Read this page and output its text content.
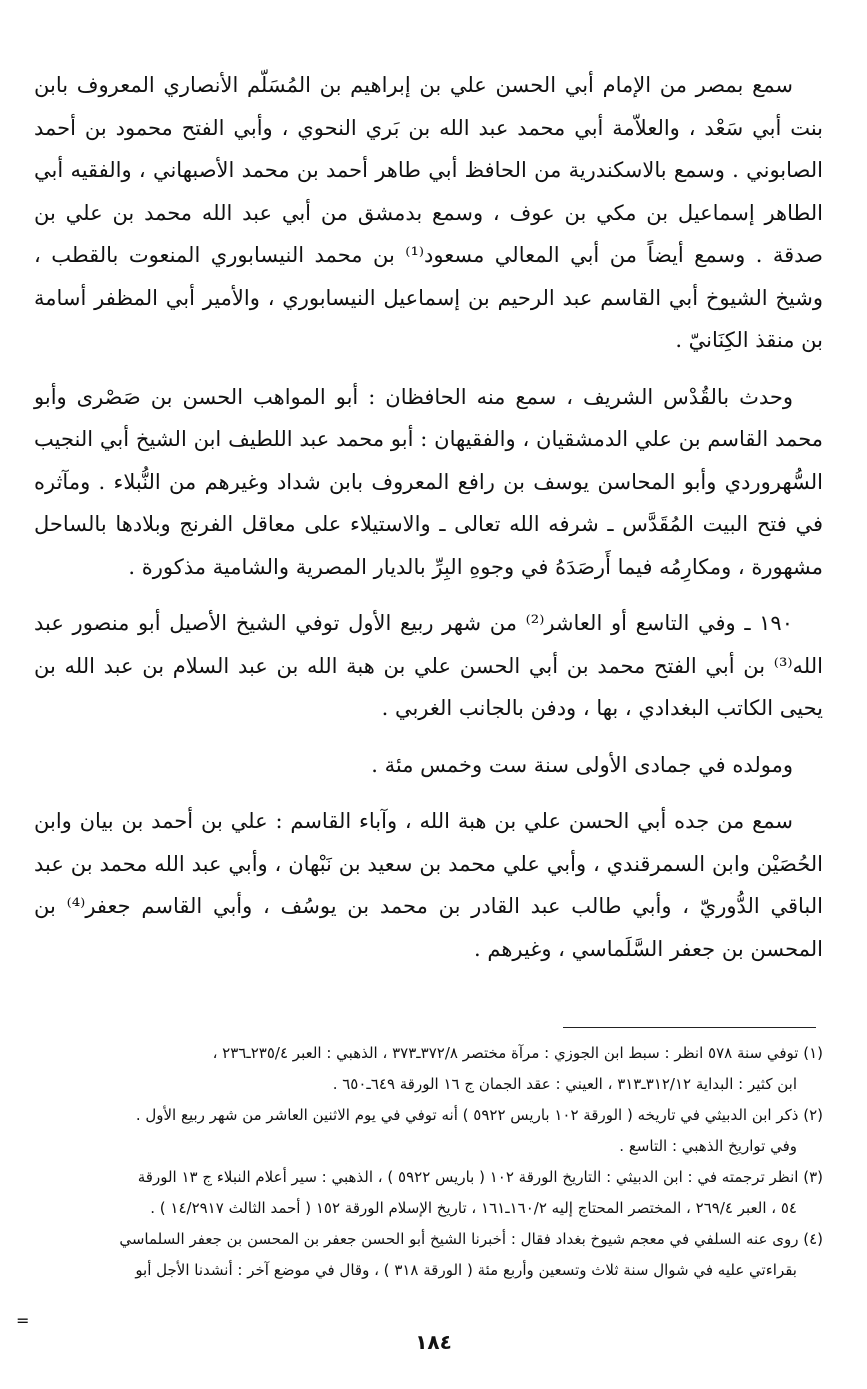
سمع بمصر من الإمام أبي الحسن علي بن إبراهيم بن المُسَلّم الأنصاري المعروف بابن بنت أبي سَعْد ، والعلاّمة أبي محمد عبد الله بن بَري النحوي ، وأبي الفتح محمود بن أحمد الصابوني . وسمع بالاسكندرية من الحافظ أبي طاهر أحمد بن محمد الأصبهاني ، والفقيه أبي الطاهر إسماعيل بن مكي بن عوف ، وسمع بدمشق من أبي عبد الله محمد بن علي بن صدقة . وسمع أيضاً من أبي المعالي مسعود⁽¹⁾ بن محمد النيسابوري المنعوت بالقطب ، وشيخ الشيوخ أبي القاسم عبد الرحيم بن إسماعيل النيسابوري ، والأمير أبي المظفر أسامة بن منقذ الكِنَانيّ .

وحدث بالقُدْس الشريف ، سمع منه الحافظان : أبو المواهب الحسن بن صَصْرى وأبو محمد القاسم بن علي الدمشقيان ، والفقيهان : أبو محمد عبد اللطيف ابن الشيخ أبي النجيب السُّهروردي وأبو المحاسن يوسف بن رافع المعروف بابن شداد وغيرهم من النُّبلاء . ومآثره في فتح البيت المُقَدَّس ـ شرفه الله تعالى ـ والاستيلاء على معاقل الفرنج وبلادها بالساحل مشهورة ، ومكارِمُه فيما أَرصَدَهُ في وجوهِ البِرِّ بالديار المصرية والشامية مذكورة .

١٩٠ ـ وفي التاسع أو العاشر⁽²⁾ من شهر ربيع الأول توفي الشيخ الأصيل أبو منصور عبد الله⁽³⁾ بن أبي الفتح محمد بن أبي الحسن علي بن هبة الله بن عبد السلام بن عبد الله بن يحيى الكاتب البغدادي ، بها ، ودفن بالجانب الغربي .

ومولده في جمادى الأولى سنة ست وخمس مئة .

سمع من جده أبي الحسن علي بن هبة الله ، وآباء القاسم : علي بن أحمد بن بيان وابن الحُصَيْن وابن السمرقندي ، وأبي علي محمد بن سعيد بن نَبْهان ، وأبي عبد الله محمد بن عبد الباقي الدُّوريّ ، وأبي طالب عبد القادر بن محمد بن يوسُف ، وأبي القاسم جعفر⁽⁴⁾ بن المحسن بن جعفر السَّلَماسي ، وغيرهم .

(١) توفي سنة ٥٧٨ انظر : سبط ابن الجوزي : مرآة مختصر ٣٧٢/٨ـ٣٧٣ ، الذهبي : العبر ٢٣٥/٤ـ٢٣٦ ،
ابن كثير : البداية ٣١٢/١٢ـ٣١٣ ، العيني : عقد الجمان ج ١٦ الورقة ٦٤٩ـ٦٥٠ .

(٢) ذكر ابن الدبيثي في تاريخه ( الورقة ١٠٢ باريس ٥٩٢٢ ) أنه توفي في يوم الاثنين العاشر من شهر ربيع الأول .
وفي تواريخ الذهبي : التاسع .

(٣) انظر ترجمته في : ابن الدبيثي : التاريخ الورقة ١٠٢ ( باريس ٥٩٢٢ ) ، الذهبي : سير أعلام النبلاء ج ١٣ الورقة
٥٤ ، العبر ٢٦٩/٤ ، المختصر المحتاج إليه ١٦٠/٢ـ١٦١ ، تاريخ الإسلام الورقة ١٥٢ ( أحمد الثالث ١٤/٢٩١٧ ) .

(٤) روى عنه السلفي في معجم شيوخ بغداد فقال : أخبرنا الشيخ أبو الحسن جعفر بن المحسن بن جعفر السلماسي
بقراءتي عليه في شوال سنة ثلاث وتسعين وأربع مئة ( الورقة ٣١٨ ) ، وقال في موضع آخر : أنشدنا الأجل أبو

=
١٨٤
